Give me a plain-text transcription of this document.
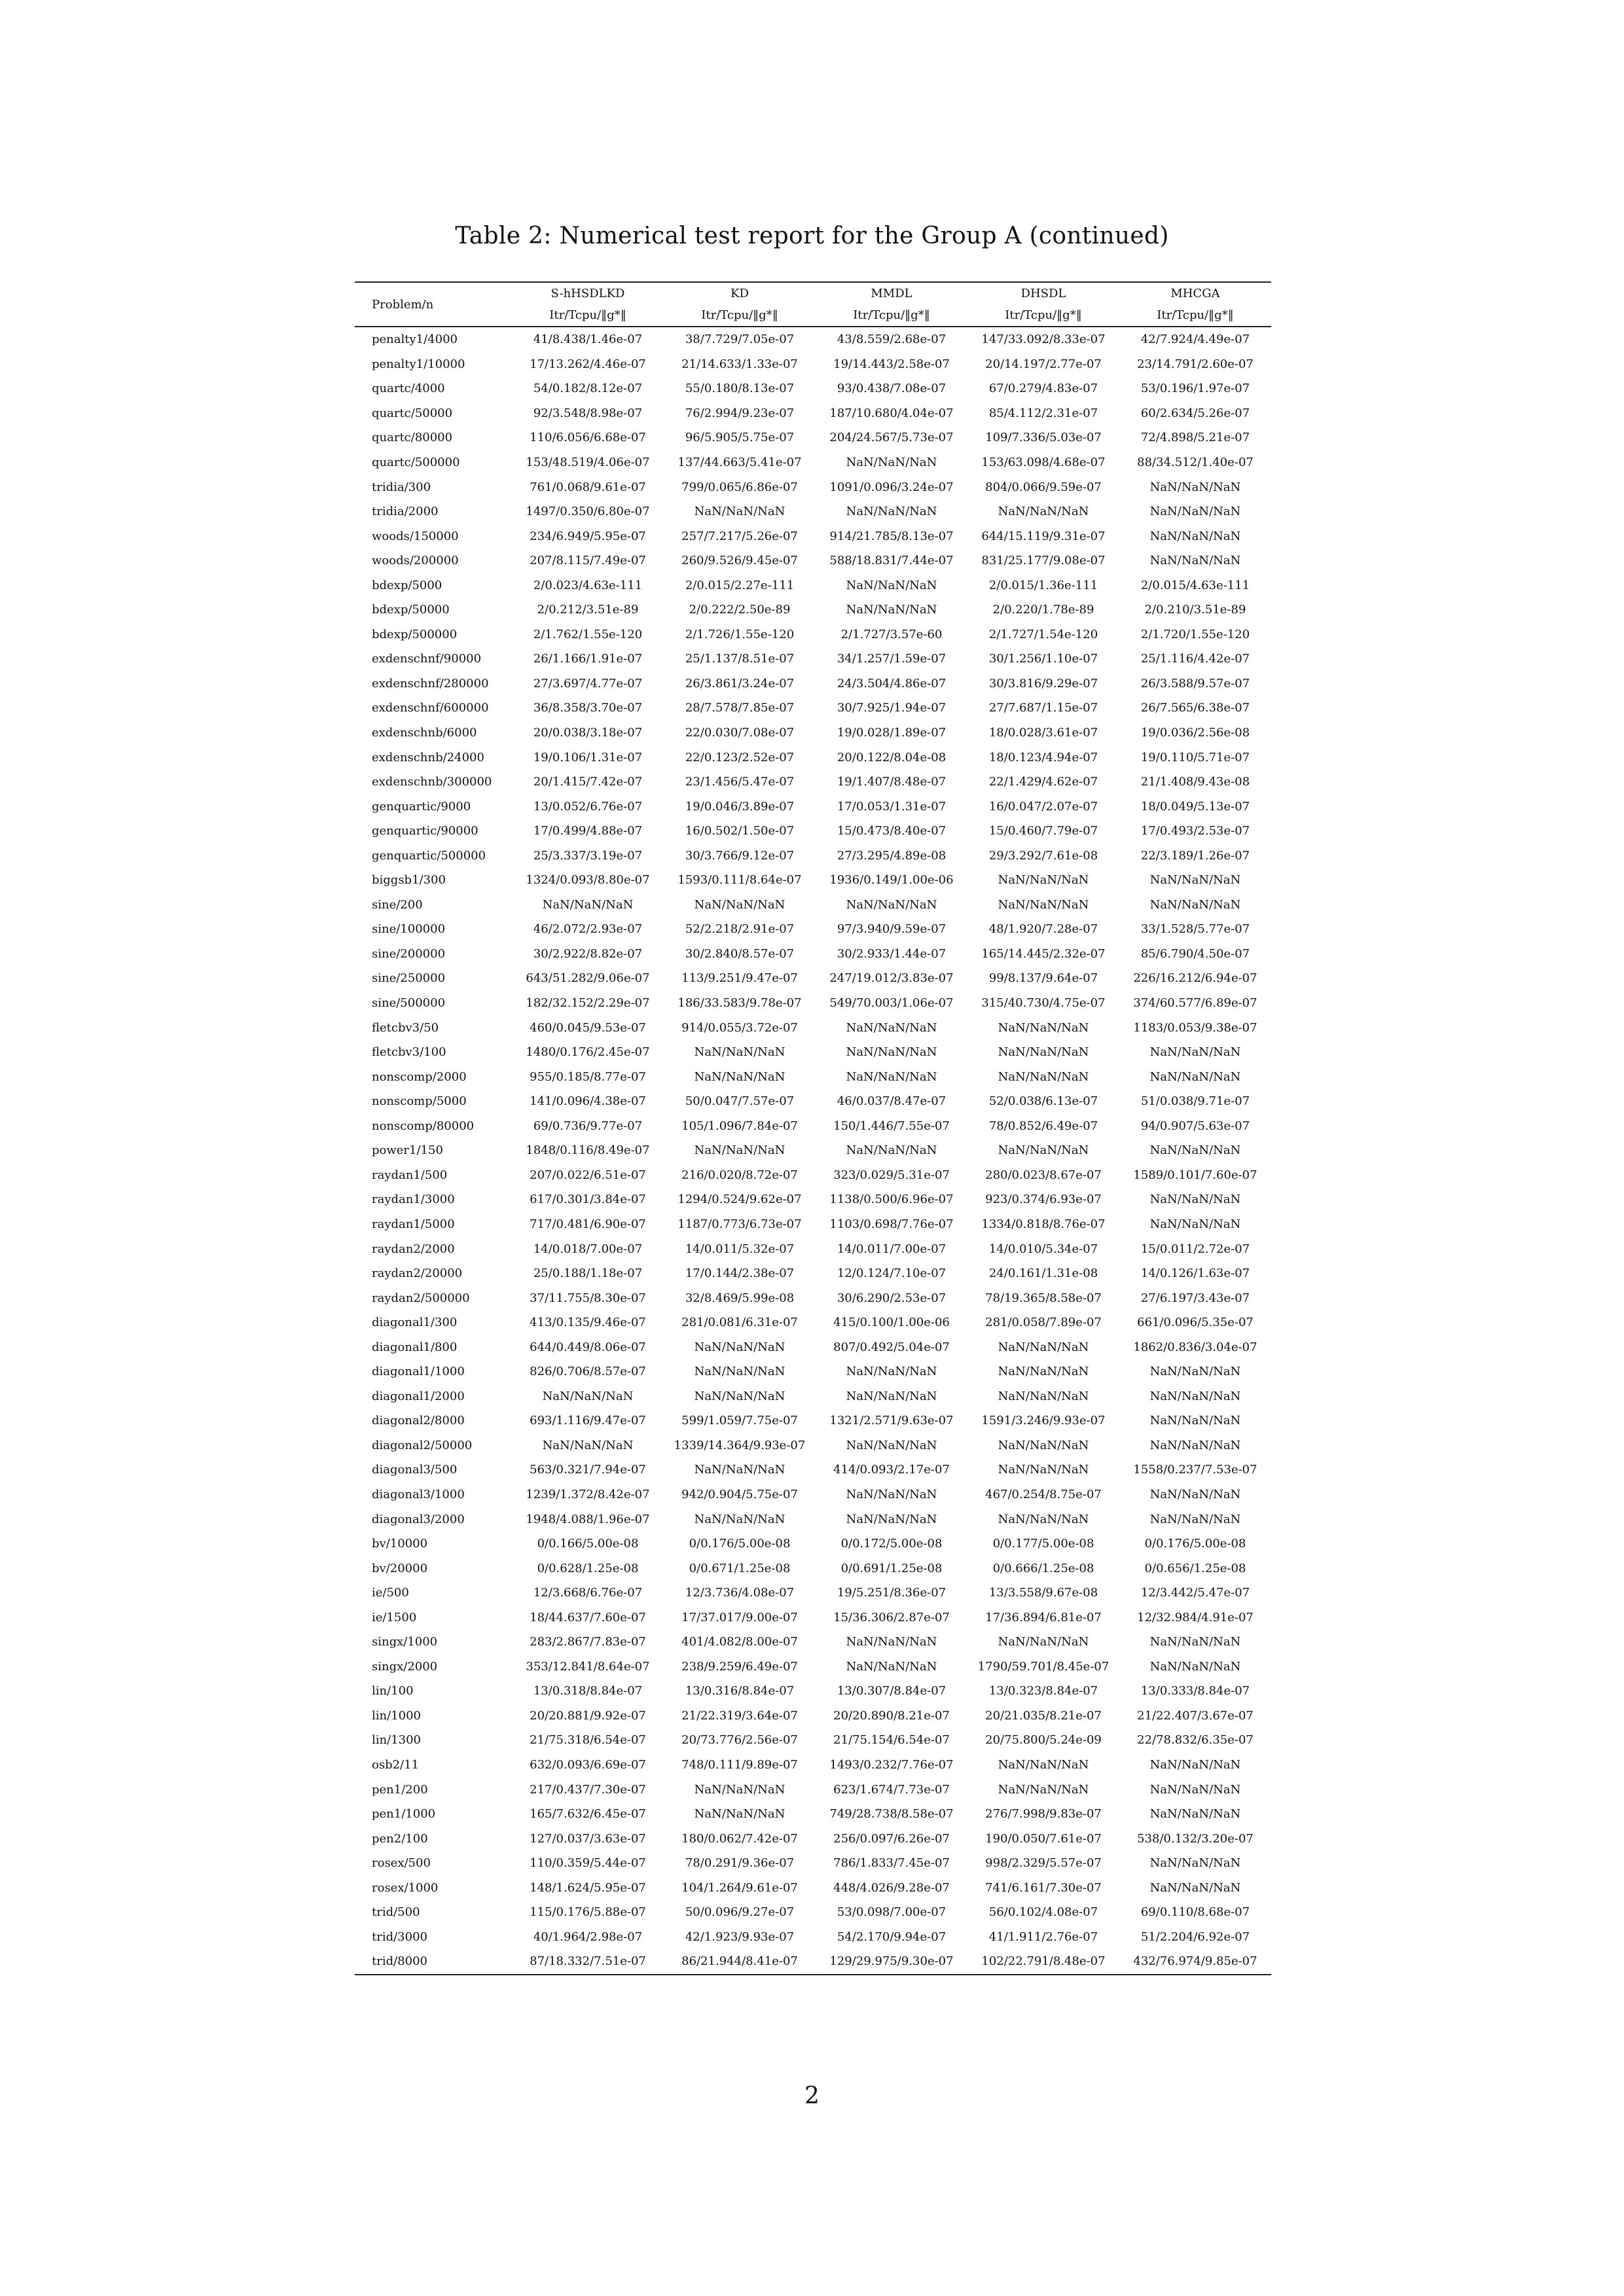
Table 2: Numerical test report for the Group A (continued)
Problem/n	S-hHSDLKD	KD	MMDL	DHSDL	MHCGA
	Itr/Tcpu/‖g*‖	Itr/Tcpu/‖g*‖	Itr/Tcpu/‖g*‖	Itr/Tcpu/‖g*‖	Itr/Tcpu/‖g*‖
penalty1/4000	41/8.438/1.46e-07	38/7.729/7.05e-07	43/8.559/2.68e-07	147/33.092/8.33e-07	42/7.924/4.49e-07
penalty1/10000	17/13.262/4.46e-07	21/14.633/1.33e-07	19/14.443/2.58e-07	20/14.197/2.77e-07	23/14.791/2.60e-07
quartc/4000	54/0.182/8.12e-07	55/0.180/8.13e-07	93/0.438/7.08e-07	67/0.279/4.83e-07	53/0.196/1.97e-07
quartc/50000	92/3.548/8.98e-07	76/2.994/9.23e-07	187/10.680/4.04e-07	85/4.112/2.31e-07	60/2.634/5.26e-07
quartc/80000	110/6.056/6.68e-07	96/5.905/5.75e-07	204/24.567/5.73e-07	109/7.336/5.03e-07	72/4.898/5.21e-07
quartc/500000	153/48.519/4.06e-07	137/44.663/5.41e-07	NaN/NaN/NaN	153/63.098/4.68e-07	88/34.512/1.40e-07
tridia/300	761/0.068/9.61e-07	799/0.065/6.86e-07	1091/0.096/3.24e-07	804/0.066/9.59e-07	NaN/NaN/NaN
tridia/2000	1497/0.350/6.80e-07	NaN/NaN/NaN	NaN/NaN/NaN	NaN/NaN/NaN	NaN/NaN/NaN
woods/150000	234/6.949/5.95e-07	257/7.217/5.26e-07	914/21.785/8.13e-07	644/15.119/9.31e-07	NaN/NaN/NaN
woods/200000	207/8.115/7.49e-07	260/9.526/9.45e-07	588/18.831/7.44e-07	831/25.177/9.08e-07	NaN/NaN/NaN
bdexp/5000	2/0.023/4.63e-111	2/0.015/2.27e-111	NaN/NaN/NaN	2/0.015/1.36e-111	2/0.015/4.63e-111
bdexp/50000	2/0.212/3.51e-89	2/0.222/2.50e-89	NaN/NaN/NaN	2/0.220/1.78e-89	2/0.210/3.51e-89
bdexp/500000	2/1.762/1.55e-120	2/1.726/1.55e-120	2/1.727/3.57e-60	2/1.727/1.54e-120	2/1.720/1.55e-120
exdenschnf/90000	26/1.166/1.91e-07	25/1.137/8.51e-07	34/1.257/1.59e-07	30/1.256/1.10e-07	25/1.116/4.42e-07
exdenschnf/280000	27/3.697/4.77e-07	26/3.861/3.24e-07	24/3.504/4.86e-07	30/3.816/9.29e-07	26/3.588/9.57e-07
exdenschnf/600000	36/8.358/3.70e-07	28/7.578/7.85e-07	30/7.925/1.94e-07	27/7.687/1.15e-07	26/7.565/6.38e-07
exdenschnb/6000	20/0.038/3.18e-07	22/0.030/7.08e-07	19/0.028/1.89e-07	18/0.028/3.61e-07	19/0.036/2.56e-08
exdenschnb/24000	19/0.106/1.31e-07	22/0.123/2.52e-07	20/0.122/8.04e-08	18/0.123/4.94e-07	19/0.110/5.71e-07
exdenschnb/300000	20/1.415/7.42e-07	23/1.456/5.47e-07	19/1.407/8.48e-07	22/1.429/4.62e-07	21/1.408/9.43e-08
genquartic/9000	13/0.052/6.76e-07	19/0.046/3.89e-07	17/0.053/1.31e-07	16/0.047/2.07e-07	18/0.049/5.13e-07
genquartic/90000	17/0.499/4.88e-07	16/0.502/1.50e-07	15/0.473/8.40e-07	15/0.460/7.79e-07	17/0.493/2.53e-07
genquartic/500000	25/3.337/3.19e-07	30/3.766/9.12e-07	27/3.295/4.89e-08	29/3.292/7.61e-08	22/3.189/1.26e-07
biggsb1/300	1324/0.093/8.80e-07	1593/0.111/8.64e-07	1936/0.149/1.00e-06	NaN/NaN/NaN	NaN/NaN/NaN
sine/200	NaN/NaN/NaN	NaN/NaN/NaN	NaN/NaN/NaN	NaN/NaN/NaN	NaN/NaN/NaN
sine/100000	46/2.072/2.93e-07	52/2.218/2.91e-07	97/3.940/9.59e-07	48/1.920/7.28e-07	33/1.528/5.77e-07
sine/200000	30/2.922/8.82e-07	30/2.840/8.57e-07	30/2.933/1.44e-07	165/14.445/2.32e-07	85/6.790/4.50e-07
sine/250000	643/51.282/9.06e-07	113/9.251/9.47e-07	247/19.012/3.83e-07	99/8.137/9.64e-07	226/16.212/6.94e-07
sine/500000	182/32.152/2.29e-07	186/33.583/9.78e-07	549/70.003/1.06e-07	315/40.730/4.75e-07	374/60.577/6.89e-07
fletcbv3/50	460/0.045/9.53e-07	914/0.055/3.72e-07	NaN/NaN/NaN	NaN/NaN/NaN	1183/0.053/9.38e-07
fletcbv3/100	1480/0.176/2.45e-07	NaN/NaN/NaN	NaN/NaN/NaN	NaN/NaN/NaN	NaN/NaN/NaN
nonscomp/2000	955/0.185/8.77e-07	NaN/NaN/NaN	NaN/NaN/NaN	NaN/NaN/NaN	NaN/NaN/NaN
nonscomp/5000	141/0.096/4.38e-07	50/0.047/7.57e-07	46/0.037/8.47e-07	52/0.038/6.13e-07	51/0.038/9.71e-07
nonscomp/80000	69/0.736/9.77e-07	105/1.096/7.84e-07	150/1.446/7.55e-07	78/0.852/6.49e-07	94/0.907/5.63e-07
power1/150	1848/0.116/8.49e-07	NaN/NaN/NaN	NaN/NaN/NaN	NaN/NaN/NaN	NaN/NaN/NaN
raydan1/500	207/0.022/6.51e-07	216/0.020/8.72e-07	323/0.029/5.31e-07	280/0.023/8.67e-07	1589/0.101/7.60e-07
raydan1/3000	617/0.301/3.84e-07	1294/0.524/9.62e-07	1138/0.500/6.96e-07	923/0.374/6.93e-07	NaN/NaN/NaN
raydan1/5000	717/0.481/6.90e-07	1187/0.773/6.73e-07	1103/0.698/7.76e-07	1334/0.818/8.76e-07	NaN/NaN/NaN
raydan2/2000	14/0.018/7.00e-07	14/0.011/5.32e-07	14/0.011/7.00e-07	14/0.010/5.34e-07	15/0.011/2.72e-07
raydan2/20000	25/0.188/1.18e-07	17/0.144/2.38e-07	12/0.124/7.10e-07	24/0.161/1.31e-08	14/0.126/1.63e-07
raydan2/500000	37/11.755/8.30e-07	32/8.469/5.99e-08	30/6.290/2.53e-07	78/19.365/8.58e-07	27/6.197/3.43e-07
diagonal1/300	413/0.135/9.46e-07	281/0.081/6.31e-07	415/0.100/1.00e-06	281/0.058/7.89e-07	661/0.096/5.35e-07
diagonal1/800	644/0.449/8.06e-07	NaN/NaN/NaN	807/0.492/5.04e-07	NaN/NaN/NaN	1862/0.836/3.04e-07
diagonal1/1000	826/0.706/8.57e-07	NaN/NaN/NaN	NaN/NaN/NaN	NaN/NaN/NaN	NaN/NaN/NaN
diagonal1/2000	NaN/NaN/NaN	NaN/NaN/NaN	NaN/NaN/NaN	NaN/NaN/NaN	NaN/NaN/NaN
diagonal2/8000	693/1.116/9.47e-07	599/1.059/7.75e-07	1321/2.571/9.63e-07	1591/3.246/9.93e-07	NaN/NaN/NaN
diagonal2/50000	NaN/NaN/NaN	1339/14.364/9.93e-07	NaN/NaN/NaN	NaN/NaN/NaN	NaN/NaN/NaN
diagonal3/500	563/0.321/7.94e-07	NaN/NaN/NaN	414/0.093/2.17e-07	NaN/NaN/NaN	1558/0.237/7.53e-07
diagonal3/1000	1239/1.372/8.42e-07	942/0.904/5.75e-07	NaN/NaN/NaN	467/0.254/8.75e-07	NaN/NaN/NaN
diagonal3/2000	1948/4.088/1.96e-07	NaN/NaN/NaN	NaN/NaN/NaN	NaN/NaN/NaN	NaN/NaN/NaN
bv/10000	0/0.166/5.00e-08	0/0.176/5.00e-08	0/0.172/5.00e-08	0/0.177/5.00e-08	0/0.176/5.00e-08
bv/20000	0/0.628/1.25e-08	0/0.671/1.25e-08	0/0.691/1.25e-08	0/0.666/1.25e-08	0/0.656/1.25e-08
ie/500	12/3.668/6.76e-07	12/3.736/4.08e-07	19/5.251/8.36e-07	13/3.558/9.67e-08	12/3.442/5.47e-07
ie/1500	18/44.637/7.60e-07	17/37.017/9.00e-07	15/36.306/2.87e-07	17/36.894/6.81e-07	12/32.984/4.91e-07
singx/1000	283/2.867/7.83e-07	401/4.082/8.00e-07	NaN/NaN/NaN	NaN/NaN/NaN	NaN/NaN/NaN
singx/2000	353/12.841/8.64e-07	238/9.259/6.49e-07	NaN/NaN/NaN	1790/59.701/8.45e-07	NaN/NaN/NaN
lin/100	13/0.318/8.84e-07	13/0.316/8.84e-07	13/0.307/8.84e-07	13/0.323/8.84e-07	13/0.333/8.84e-07
lin/1000	20/20.881/9.92e-07	21/22.319/3.64e-07	20/20.890/8.21e-07	20/21.035/8.21e-07	21/22.407/3.67e-07
lin/1300	21/75.318/6.54e-07	20/73.776/2.56e-07	21/75.154/6.54e-07	20/75.800/5.24e-09	22/78.832/6.35e-07
osb2/11	632/0.093/6.69e-07	748/0.111/9.89e-07	1493/0.232/7.76e-07	NaN/NaN/NaN	NaN/NaN/NaN
pen1/200	217/0.437/7.30e-07	NaN/NaN/NaN	623/1.674/7.73e-07	NaN/NaN/NaN	NaN/NaN/NaN
pen1/1000	165/7.632/6.45e-07	NaN/NaN/NaN	749/28.738/8.58e-07	276/7.998/9.83e-07	NaN/NaN/NaN
pen2/100	127/0.037/3.63e-07	180/0.062/7.42e-07	256/0.097/6.26e-07	190/0.050/7.61e-07	538/0.132/3.20e-07
rosex/500	110/0.359/5.44e-07	78/0.291/9.36e-07	786/1.833/7.45e-07	998/2.329/5.57e-07	NaN/NaN/NaN
rosex/1000	148/1.624/5.95e-07	104/1.264/9.61e-07	448/4.026/9.28e-07	741/6.161/7.30e-07	NaN/NaN/NaN
trid/500	115/0.176/5.88e-07	50/0.096/9.27e-07	53/0.098/7.00e-07	56/0.102/4.08e-07	69/0.110/8.68e-07
trid/3000	40/1.964/2.98e-07	42/1.923/9.93e-07	54/2.170/9.94e-07	41/1.911/2.76e-07	51/2.204/6.92e-07
trid/8000	87/18.332/7.51e-07	86/21.944/8.41e-07	129/29.975/9.30e-07	102/22.791/8.48e-07	432/76.974/9.85e-07
2
